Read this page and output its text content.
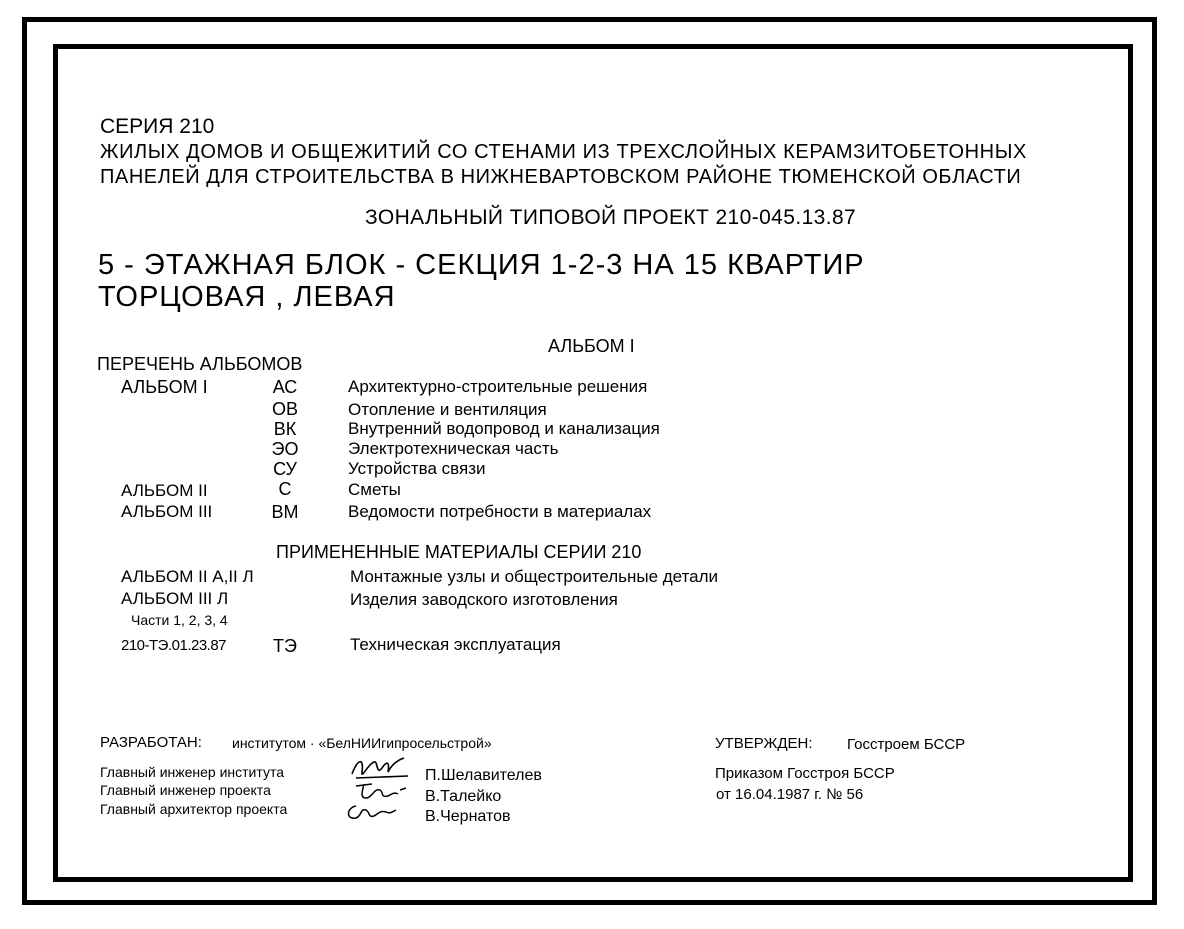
СЕРИЯ 210
ЖИЛЫХ ДОМОВ И ОБЩЕЖИТИЙ СО СТЕНАМИ ИЗ ТРЕХСЛОЙНЫХ КЕРАМЗИТОБЕТОННЫХ
ПАНЕЛЕЙ ДЛЯ СТРОИТЕЛЬСТВА В НИЖНЕВАРТОВСКОМ РАЙОНЕ ТЮМЕНСКОЙ ОБЛАСТИ
ЗОНАЛЬНЫЙ ТИПОВОЙ ПРОЕКТ 210-045.13.87
5 - ЭТАЖНАЯ БЛОК - СЕКЦИЯ 1-2-3 НА 15 КВАРТИР
ТОРЦОВАЯ , ЛЕВАЯ
АЛЬБОМ I
ПЕРЕЧЕНЬ АЛЬБОМОВ
АЛЬБОМ I	АС	Архитектурно-строительные решения
ОВ	Отопление и вентиляция
ВК	Внутренний водопровод и канализация
ЭО	Электротехническая часть
СУ	Устройства связи
АЛЬБОМ II	С	Сметы
АЛЬБОМ III	ВМ	Ведомости потребности в материалах
ПРИМЕНЕННЫЕ МАТЕРИАЛЫ СЕРИИ 210
АЛЬБОМ II А,II Л	Монтажные узлы и общестроительные детали
АЛЬБОМ III Л	Изделия заводского изготовления
Части 1, 2, 3, 4
210-ТЭ.01.23.87	ТЭ	Техническая эксплуатация
РАЗРАБОТАН: институтом · «БелНИИгипросельстрой»
Главный инженер института
Главный инженер проекта
Главный архитектор проекта
П.Шелавителев
В.Талейко
В.Чернатов
УТВЕРЖДЕН: Госстроем БССР
Приказом Госстроя БССР
от 16.04.1987 г. № 56
